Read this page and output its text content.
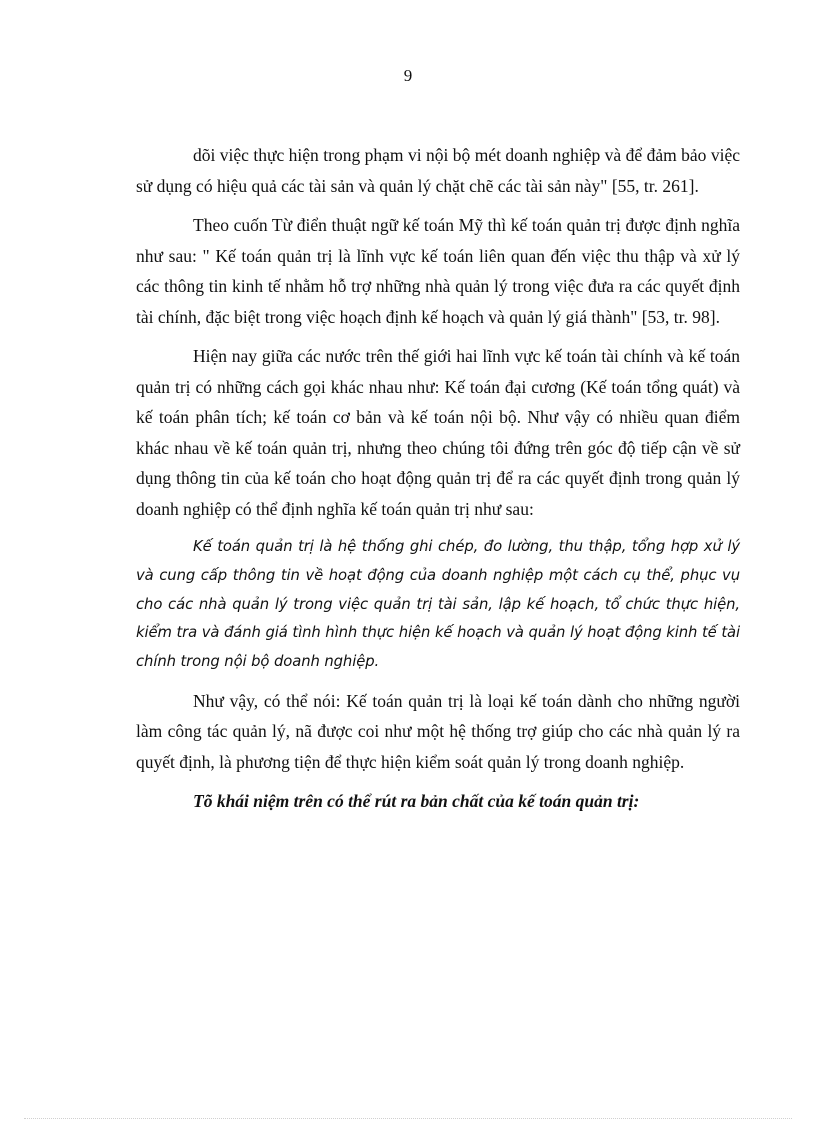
9

dõi việc thực hiện trong phạm vi nội bộ mét doanh nghiệp và để đảm bảo việc sử dụng có hiệu quả các tài sản và quản lý chặt chẽ các tài sản này" [55, tr. 261].

Theo cuốn Từ điển thuật ngữ kế toán Mỹ thì kế toán quản trị được định nghĩa như sau: " Kế toán quản trị là lĩnh vực kế toán liên quan đến việc thu thập và xử lý các thông tin kinh tế nhằm hỗ trợ những nhà quản lý trong việc đưa ra các quyết định tài chính, đặc biệt trong việc hoạch định kế hoạch và quản lý giá thành" [53, tr. 98].

Hiện nay giữa các nước trên thế giới hai lĩnh vực kế toán tài chính và kế toán quản trị có những cách gọi khác nhau như: Kế toán đại cương (Kế toán tổng quát) và kế toán phân tích; kế toán cơ bản và kế toán nội bộ. Như vậy có nhiều quan điểm khác nhau về kế toán quản trị, nhưng theo chúng tôi đứng trên góc độ tiếp cận về sử dụng thông tin của kế toán cho hoạt động quản trị để ra các quyết định trong quản lý doanh nghiệp có thể định nghĩa kế toán quản trị như sau:

Kế toán quản trị là hệ thống ghi chép, đo lường, thu thập, tổng hợp xử lý và cung cấp thông tin về hoạt động của doanh nghiệp một cách cụ thể, phục vụ cho các nhà quản lý trong việc quản trị tài sản, lập kế hoạch, tổ chức thực hiện, kiểm tra và đánh giá tình hình thực hiện kế hoạch và quản lý hoạt động kinh tế tài chính trong nội bộ doanh nghiệp.

Như vậy, có thể nói: Kế toán quản trị là loại kế toán dành cho những người làm công tác quản lý, nã được coi như một hệ thống trợ giúp cho các nhà quản lý ra quyết định, là phương tiện để thực hiện kiểm soát quản lý trong doanh nghiệp.

Tõ khái niệm trên có thể rút ra bản chất của kế toán quản trị:
